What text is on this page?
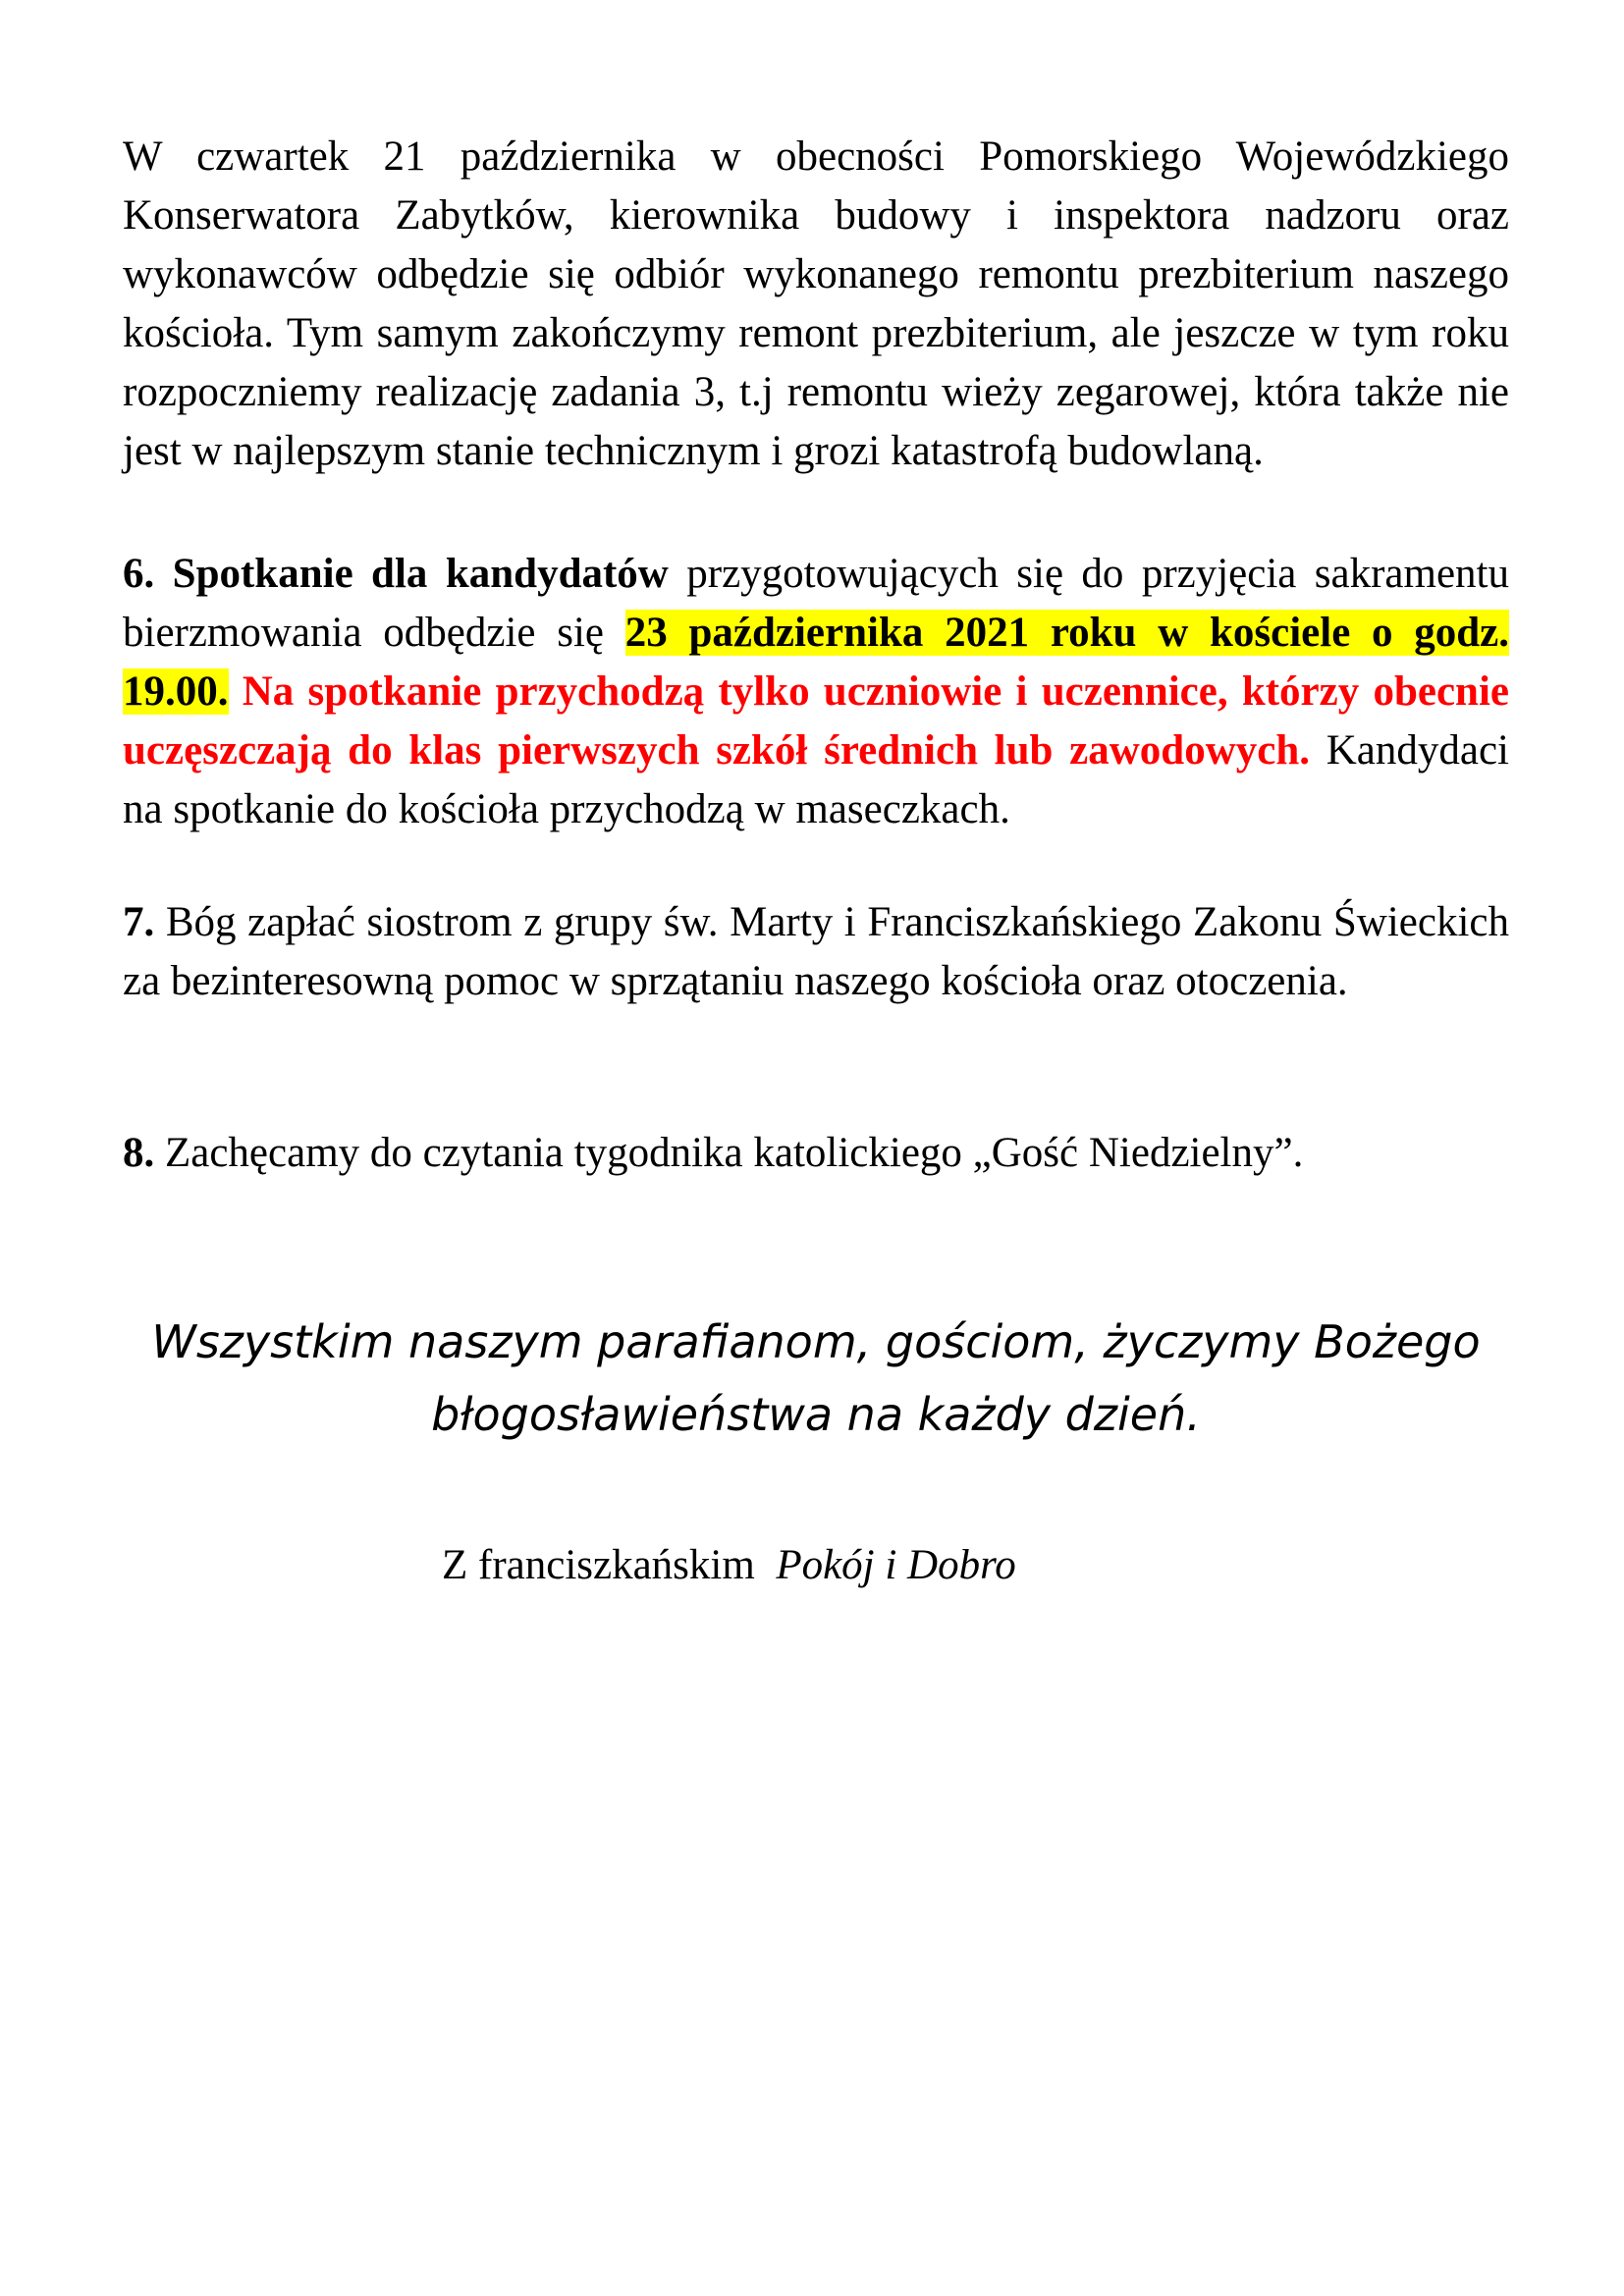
W czwartek 21 października w obecności Pomorskiego Wojewódzkiego Konserwatora Zabytków, kierownika budowy i inspektora nadzoru oraz wykonawców odbędzie się odbiór wykonanego remontu prezbiterium naszego kościoła. Tym samym zakończymy remont prezbiterium, ale jeszcze w tym roku rozpoczniemy realizację zadania 3, t.j remontu wieży zegarowej, która także nie jest w najlepszym stanie technicznym i grozi katastrofą budowlaną.

6. Spotkanie dla kandydatów przygotowujących się do przyjęcia sakramentu bierzmowania odbędzie się 23 października 2021 roku w kościele o godz. 19.00. Na spotkanie przychodzą tylko uczniowie i uczennice, którzy obecnie uczęszczają do klas pierwszych szkół średnich lub zawodowych. Kandydaci na spotkanie do kościoła przychodzą w maseczkach.

7. Bóg zapłać siostrom z grupy św. Marty i Franciszkańskiego Zakonu Świeckich za bezinteresowną pomoc w sprzątaniu naszego kościoła oraz otoczenia.

8. Zachęcamy do czytania tygodnika katolickiego „Gość Niedzielny”.

Wszystkim naszym parafianom, gościom, życzymy Bożego
błogosławieństwa na każdy dzień.

Z franciszkańskim  Pokój i Dobro
